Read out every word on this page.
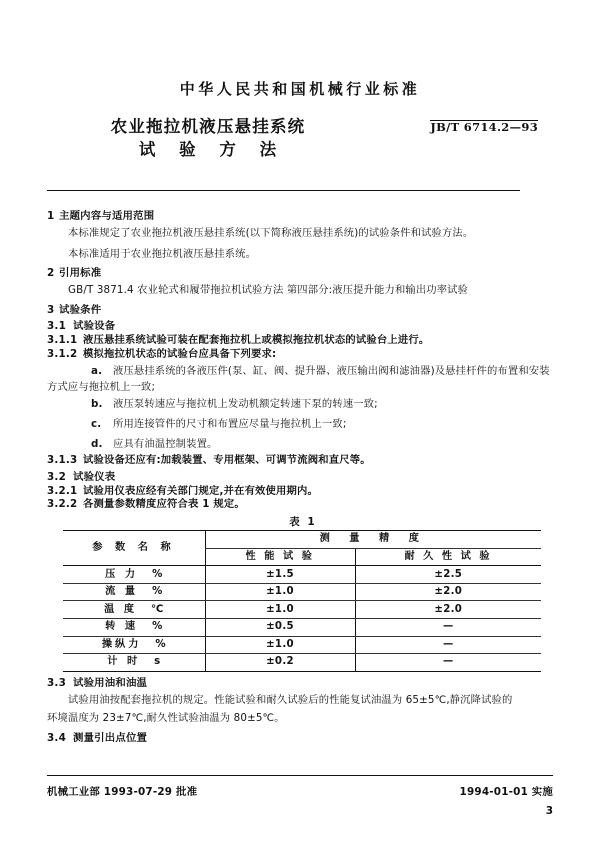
中华人民共和国机械行业标准
农业拖拉机液压悬挂系统
试 验 方 法
JB/T 6714.2—93
1 主题内容与适用范围
本标准规定了农业拖拉机液压悬挂系统(以下简称液压悬挂系统)的试验条件和试验方法。
本标准适用于农业拖拉机液压悬挂系统。
2 引用标准
GB/T 3871.4 农业轮式和履带拖拉机试验方法 第四部分:液压提升能力和输出功率试验
3 试验条件
3.1 试验设备
3.1.1 液压悬挂系统试验可装在配套拖拉机上或模拟拖拉机状态的试验台上进行。
3.1.2 模拟拖拉机状态的试验台应具备下列要求:
a. 液压悬挂系统的各液压件(泵、缸、阀、提升器、液压输出阀和滤油器)及悬挂杆件的布置和安装
方式应与拖拉机上一致;
b. 液压泵转速应与拖拉机上发动机额定转速下泵的转速一致;
c. 所用连接管件的尺寸和布置应尽量与拖拉机上一致;
d. 应具有油温控制装置。
3.1.3 试验设备还应有:加载装置、专用框架、可调节流阀和直尺等。
3.2 试验仪表
3.2.1 试验用仪表应经有关部门规定,并在有效使用期内。
3.2.2 各测量参数精度应符合表 1 规定。
表 1
参 数 名 称	测 量 精 度	
	性 能 试 验	耐 久 性 试 验
压 力 %	±1.5	±2.5
流 量 %	±1.0	±2.0
温 度 ℃	±1.0	±2.0
转 速 %	±0.5	—
操纵力 %	±1.0	—
计 时 s	±0.2	—
3.3 试验用油和油温
试验用油按配套拖拉机的规定。性能试验和耐久试验后的性能复试油温为 65±5℃,静沉降试验的
环境温度为 23±7℃,耐久性试验油温为 80±5℃。
3.4 测量引出点位置
机械工业部 1993-07-29 批准	1994-01-01 实施
3
